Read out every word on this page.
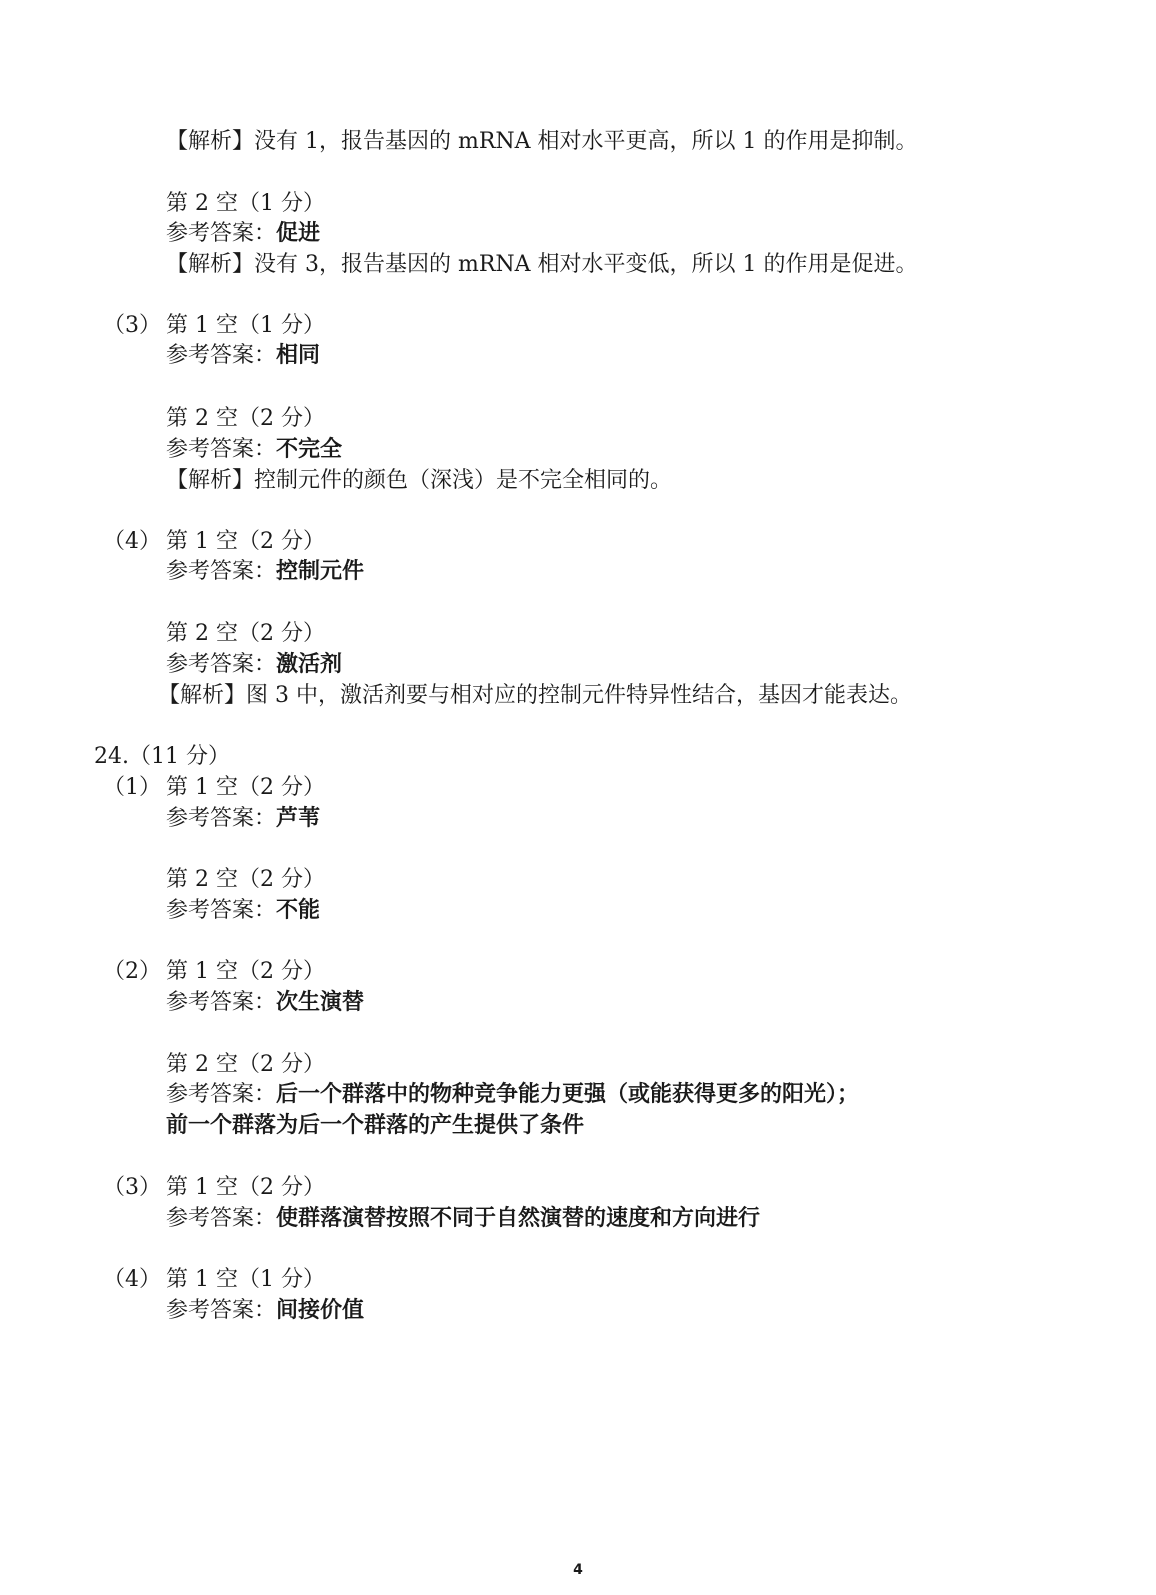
【解析】没有 1，报告基因的 mRNA 相对水平更高，所以 1 的作用是抑制。
第 2 空（1 分）
参考答案：促进
【解析】没有 3，报告基因的 mRNA 相对水平变低，所以 1 的作用是促进。
（3） 第 1 空（1 分）
参考答案：相同
第 2 空（2 分）
参考答案：不完全
【解析】控制元件的颜色（深浅）是不完全相同的。
（4） 第 1 空（2 分）
参考答案：控制元件
第 2 空（2 分）
参考答案：激活剂
【解析】图 3 中，激活剂要与相对应的控制元件特异性结合，基因才能表达。
24.（11 分）
（1） 第 1 空（2 分）
参考答案：芦苇
第 2 空（2 分）
参考答案：不能
（2） 第 1 空（2 分）
参考答案：次生演替
第 2 空（2 分）
参考答案：后一个群落中的物种竞争能力更强（或能获得更多的阳光）；
前一个群落为后一个群落的产生提供了条件
（3） 第 1 空（2 分）
参考答案：使群落演替按照不同于自然演替的速度和方向进行
（4） 第 1 空（1 分）
参考答案：间接价值
4
